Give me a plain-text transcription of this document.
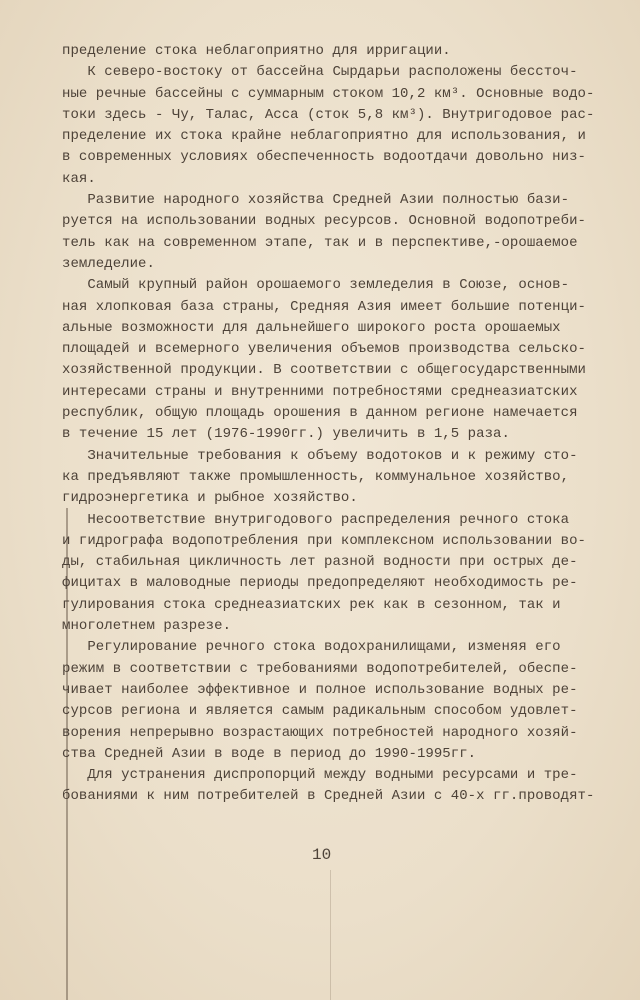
пределение стока неблагоприятно для ирригации.
К северо-востоку от бассейна Сырдарьи расположены бессточ-
ные речные бассейны с суммарным стоком 10,2 км³. Основные водо-
токи здесь - Чу, Талас, Асса (сток 5,8 км³). Внутригодовое рас-
пределение их стока крайне неблагоприятно для использования, и
в современных условиях обеспеченность водоотдачи довольно низ-
кая.
Развитие народного хозяйства Средней Азии полностью бази-
руется на использовании водных ресурсов. Основной водопотреби-
тель как на современном этапе, так и в перспективе,-орошаемое
земледелие.
Самый крупный район орошаемого земледелия в Союзе, основ-
ная хлопковая база страны, Средняя Азия имеет большие потенци-
альные возможности для дальнейшего широкого роста орошаемых
площадей и всемерного увеличения объемов производства сельско-
хозяйственной продукции. В соответствии с общегосударственными
интересами страны и внутренними потребностями среднеазиатских
республик, общую площадь орошения в данном регионе намечается
в течение 15 лет (1976-1990гг.) увеличить в 1,5 раза.
Значительные требования к объему водотоков и к режиму сто-
ка предъявляют также промышленность, коммунальное хозяйство,
гидроэнергетика и рыбное хозяйство.
Несоответствие внутригодового распределения речного стока
и гидрографа водопотребления при комплексном использовании во-
ды, стабильная цикличность лет разной водности при острых де-
фицитах в маловодные периоды предопределяют необходимость ре-
гулирования стока среднеазиатских рек как в сезонном, так и
многолетнем разрезе.
Регулирование речного стока водохранилищами, изменяя его
режим в соответствии с требованиями водопотребителей, обеспе-
чивает наиболее эффективное и полное использование водных ре-
сурсов региона и является самым радикальным способом удовлет-
ворения непрерывно возрастающих потребностей народного хозяй-
ства Средней Азии в воде в период до 1990-1995гг.
Для устранения диспропорций между водными ресурсами и тре-
бованиями к ним потребителей в Средней Азии с 40-х гг.проводят-
10
